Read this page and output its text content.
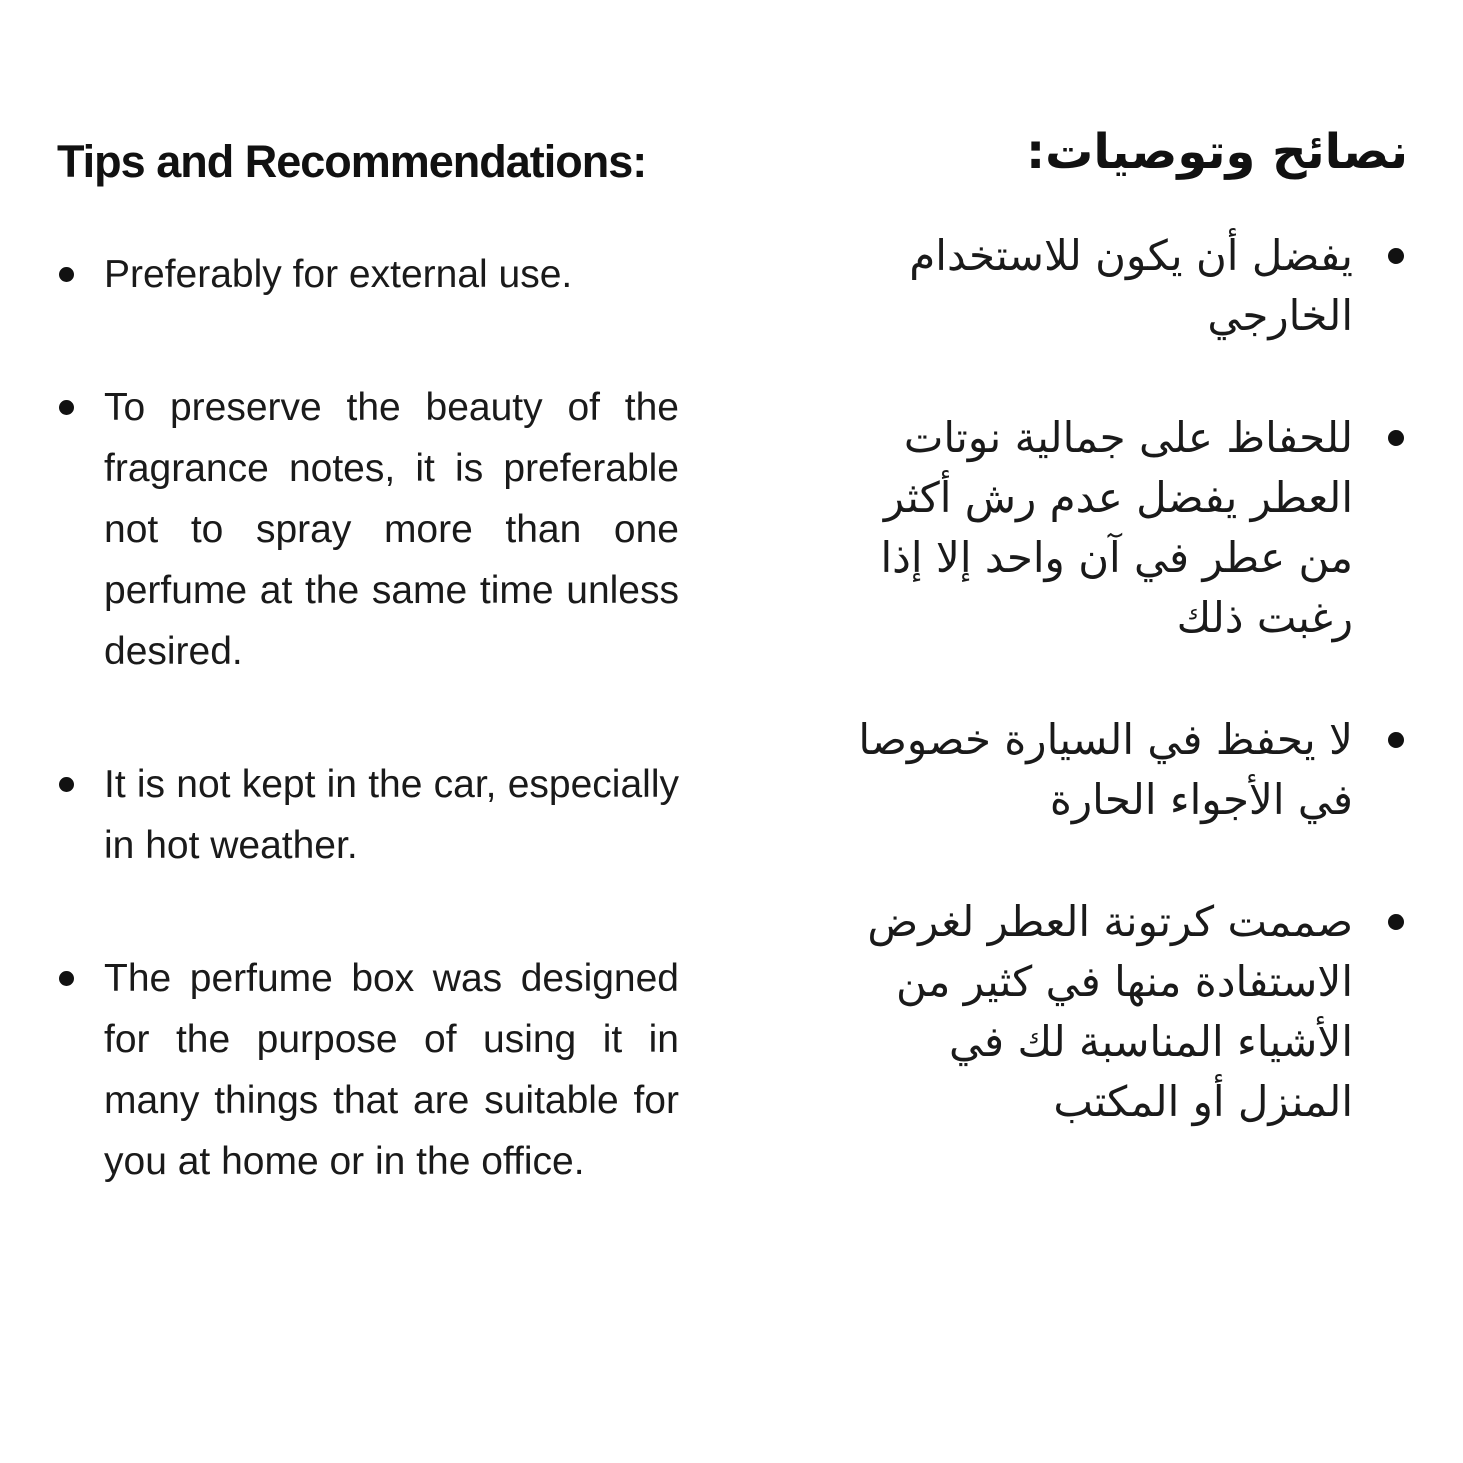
Tips and Recommendations:
Preferably for external use.
To preserve the beauty of the fragrance notes, it is preferable not to spray more than one perfume at the same time unless desired.
It is not kept in the car, especially in hot weather.
The perfume box was designed for the purpose of using it in many things that are suitable for you at home or in the office.
نصائح وتوصيات:
يفضل أن يكون للاستخدام الخارجي
للحفاظ على جمالية نوتات العطر يفضل عدم رش أكثر من عطر في آن واحد إلا إذا رغبت ذلك
لا يحفظ في السيارة خصوصا في الأجواء الحارة
صممت كرتونة العطر لغرض الاستفادة منها في كثير من الأشياء المناسبة لك في المنزل أو المكتب
